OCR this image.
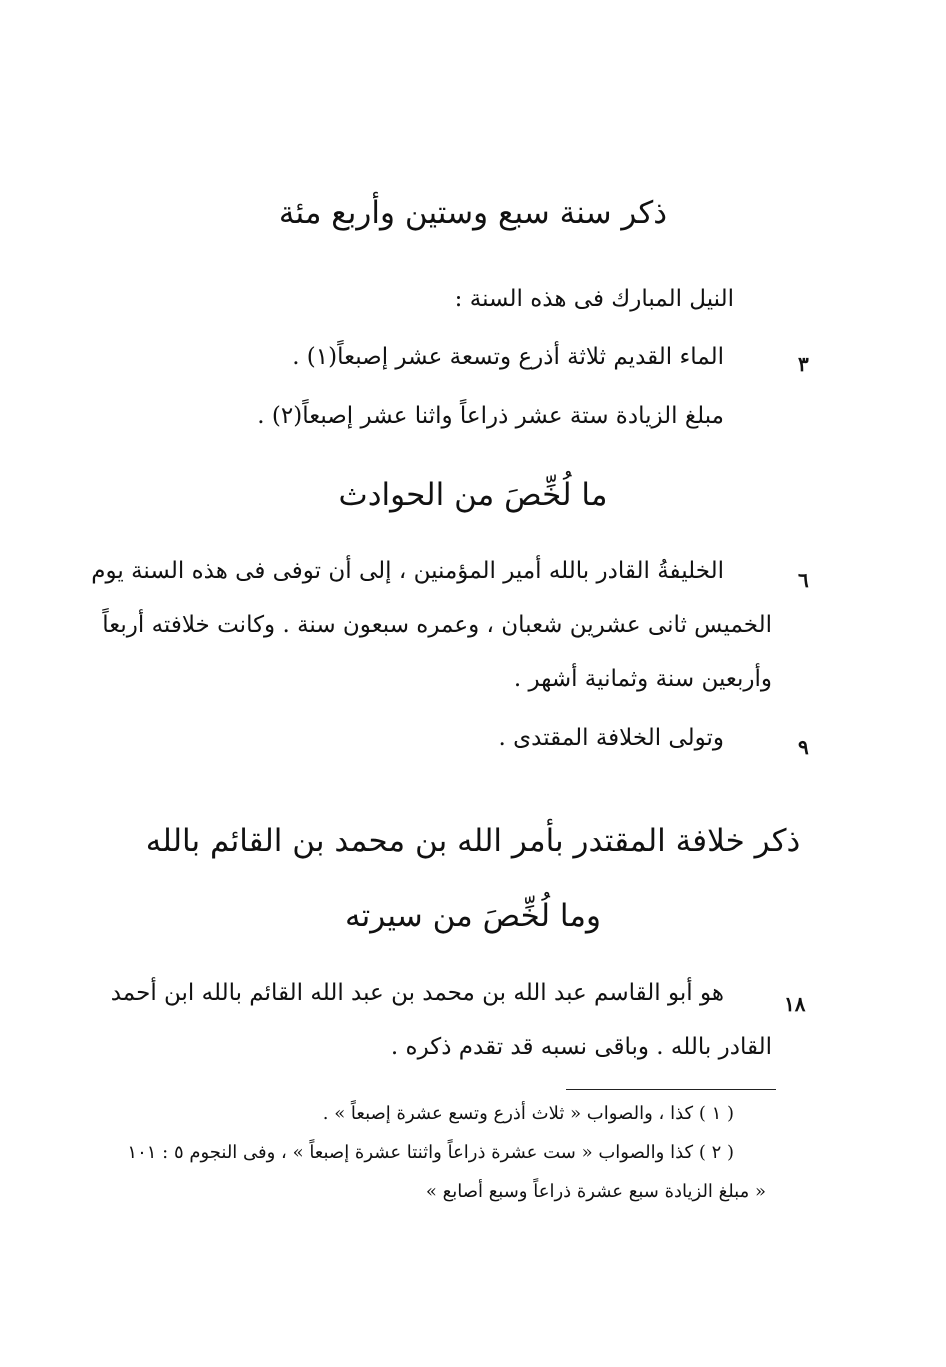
ذكر سنة سبع وستين وأربع مئة
النيل المبارك فى هذه السنة :
٣
الماء القديم ثلاثة أذرع وتسعة عشر إصبعاً(١) .
مبلغ الزيادة ستة عشر ذراعاً واثنا عشر إصبعاً(٢) .
ما لُخِّصَ من الحوادث
٦
الخليفةُ القادر بالله أمير المؤمنين ، إلى أن توفى فى هذه السنة يوم
الخميس ثانى عشرين شعبان ، وعمره سبعون سنة . وكانت خلافته أربعاً
وأربعين سنة وثمانية أشهر .
٩
وتولى الخلافة المقتدى .
ذكر خلافة المقتدر بأمر الله بن محمد بن القائم بالله
وما لُخِّصَ من سيرته
١٨
هو أبو القاسم عبد الله بن محمد بن عبد الله القائم بالله ابن أحمد
القادر بالله . وباقى نسبه قد تقدم ذكره .
( ١ ) كذا ، والصواب « ثلاث أذرع وتسع عشرة إصبعاً » .
( ٢ ) كذا والصواب « ست عشرة ذراعاً واثنتا عشرة إصبعاً » ، وفى النجوم ٥ : ١٠١
« مبلغ الزيادة سبع عشرة ذراعاً وسبع أصابع »
